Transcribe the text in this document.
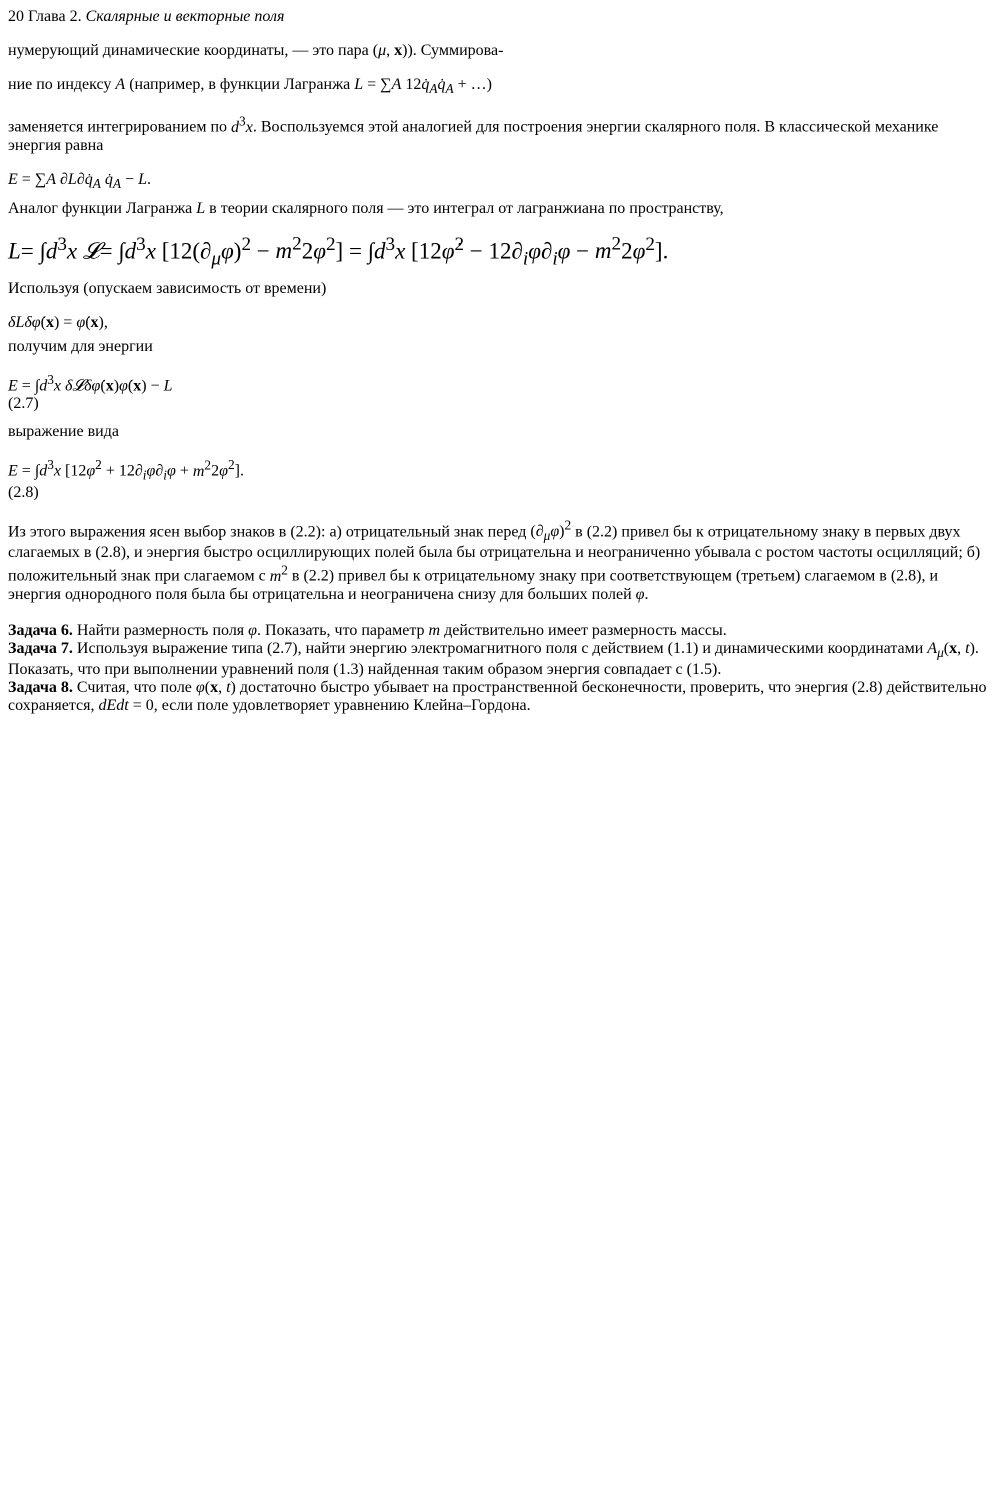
20 Глава 2. Скалярные и векторные поля

нумерующий динамические координаты, — это пара (μ, x)). Суммирова-

ние по индексу A (например, в функции Лагранжа L = ∑A $12q̇_Aq̇_A$ + …)

заменяется интегрированием по $d^3x$. Воспользуемся этой аналогией для построения энергии скалярного поля. В классической механике энергия равна

E = ∑A $\partial L\partial q̇_A$ $q̇_A - L$.

Аналог функции Лагранжа L в теории скалярного поля — это интеграл от лагранжиана по пространству,

$L= \int d^3x$ 𝓛= $\int d^3x$ $[12(\partial_\mu\varphi)^2 - m^22\varphi^2] = \int d^3x$ [12φ̇$^2$ − $12\partial_i\varphi\partial_i\varphi - m^22\varphi^2$].

Используя (опускаем зависимость от времени)

δLδφ̇(x) = φ̇(x),

получим для энергии

$E = \int d^3x$ δ𝓛δφ̇(x)φ̇(x) − L
(2.7)

выражение вида

$E = \int d^3x$ [12φ̇$^2$ + $12\partial_i\varphi\partial_i\varphi + m^22\varphi^2$].
(2.8)

Из этого выражения ясен выбор знаков в (2.2): а) отрицательный знак перед $(\partial_\mu\varphi)^2$ в (2.2) привел бы к отрицательному знаку в первых двух слагаемых в (2.8), и энергия быстро осциллирующих полей была бы отрицательна и неограниченно убывала с ростом частоты осцилляций; б) положительный знак при слагаемом с $m^2$ в (2.2) привел бы к отрицательному знаку при соответствующем (третьем) слагаемом в (2.8), и энергия однородного поля была бы отрицательна и неограничена снизу для больших полей φ.

Задача 6. Найти размерность поля φ. Показать, что параметр m действительно имеет размерность массы.
Задача 7. Используя выражение типа (2.7), найти энергию электромагнитного поля с действием (1.1) и динамическими координатами $A_\mu(x$, t). Показать, что при выполнении уравнений поля (1.3) найденная таким образом энергия совпадает с (1.5).
Задача 8. Считая, что поле φ(x, t) достаточно быстро убывает на пространственной бесконечности, проверить, что энергия (2.8) действительно сохраняется, dEdt = 0, если поле удовлетворяет уравнению Клейна–Гордона.
